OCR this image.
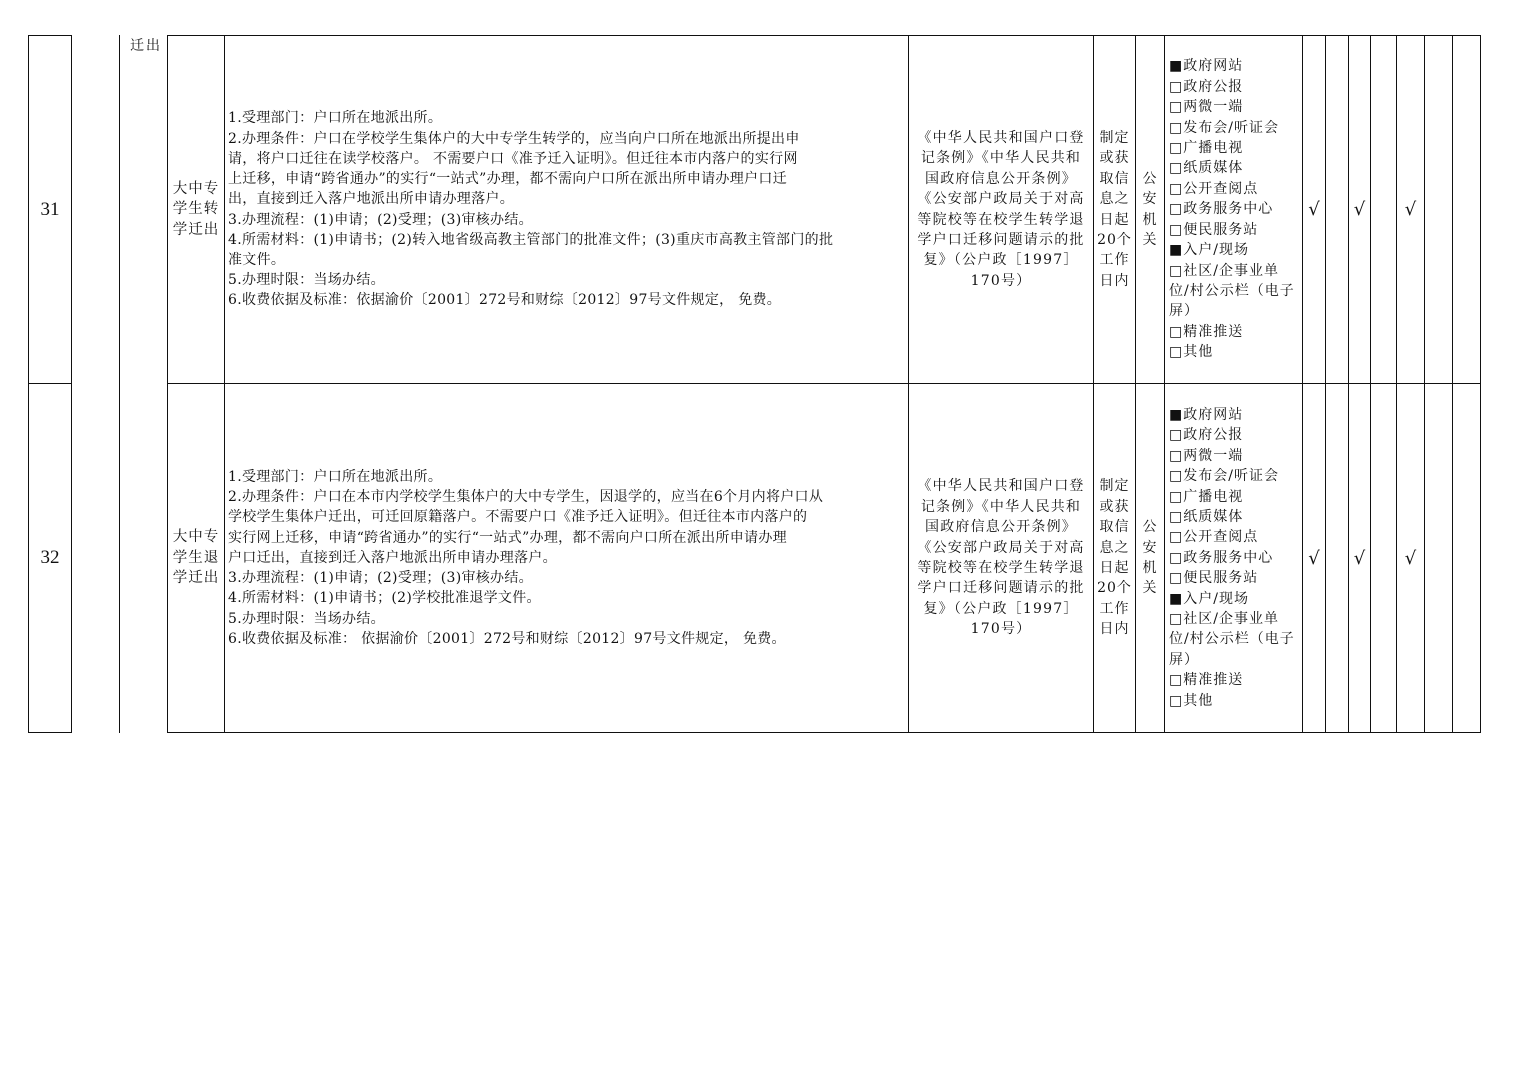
31
32
迁出
大中专学生转学迁出
大中专学生退学迁出
1.受理部门：户口所在地派出所。
2.办理条件：户口在学校学生集体户的大中专学生转学的，应当向户口所在地派出所提出申
请，将户口迁往在读学校落户。 不需要户口《准予迁入证明》。但迁往本市内落户的实行网
上迁移，申请“跨省通办”的实行“一站式”办理，都不需向户口所在派出所申请办理户口迁
出，直接到迁入落户地派出所申请办理落户。
3.办理流程：(1)申请；(2)受理；(3)审核办结。
4.所需材料：(1)申请书；(2)转入地省级高教主管部门的批准文件；(3)重庆市高教主管部门的批
准文件。
5.办理时限：当场办结。
6.收费依据及标准：依据渝价〔2001〕272号和财综〔2012〕97号文件规定， 免费。
1.受理部门：户口所在地派出所。
2.办理条件：户口在本市内学校学生集体户的大中专学生，因退学的，应当在6个月内将户口从
学校学生集体户迁出，可迁回原籍落户。不需要户口《准予迁入证明》。但迁往本市内落户的
实行网上迁移，申请“跨省通办”的实行“一站式”办理，都不需向户口所在派出所申请办理
户口迁出，直接到迁入落户地派出所申请办理落户。
3.办理流程：(1)申请；(2)受理；(3)审核办结。
4.所需材料：(1)申请书；(2)学校批准退学文件。
5.办理时限：当场办结。
6.收费依据及标准： 依据渝价〔2001〕272号和财综〔2012〕97号文件规定， 免费。
《中华人民共和国户口登记条例》《中华人民共和国政府信息公开条例》《公安部户政局关于对高等院校等在校学生转学退学户口迁移问题请示的批复》（公户政［1997］170号）
《中华人民共和国户口登记条例》《中华人民共和国政府信息公开条例》《公安部户政局关于对高等院校等在校学生转学退学户口迁移问题请示的批复》（公户政［1997］170号）
制定或获取信息之日起20个工作日内
制定或获取信息之日起20个工作日内
公安机关
公安机关
■政府网站
□政府公报
□两微一端
□发布会/听证会
□广播电视
□纸质媒体
□公开查阅点
□政务服务中心
□便民服务站
■入户/现场
□社区/企事业单位/村公示栏（电子屏）
□精准推送
□其他
■政府网站
□政府公报
□两微一端
□发布会/听证会
□广播电视
□纸质媒体
□公开查阅点
□政务服务中心
□便民服务站
■入户/现场
□社区/企事业单位/村公示栏（电子屏）
□精准推送
□其他
√ √ √
√ √ √
